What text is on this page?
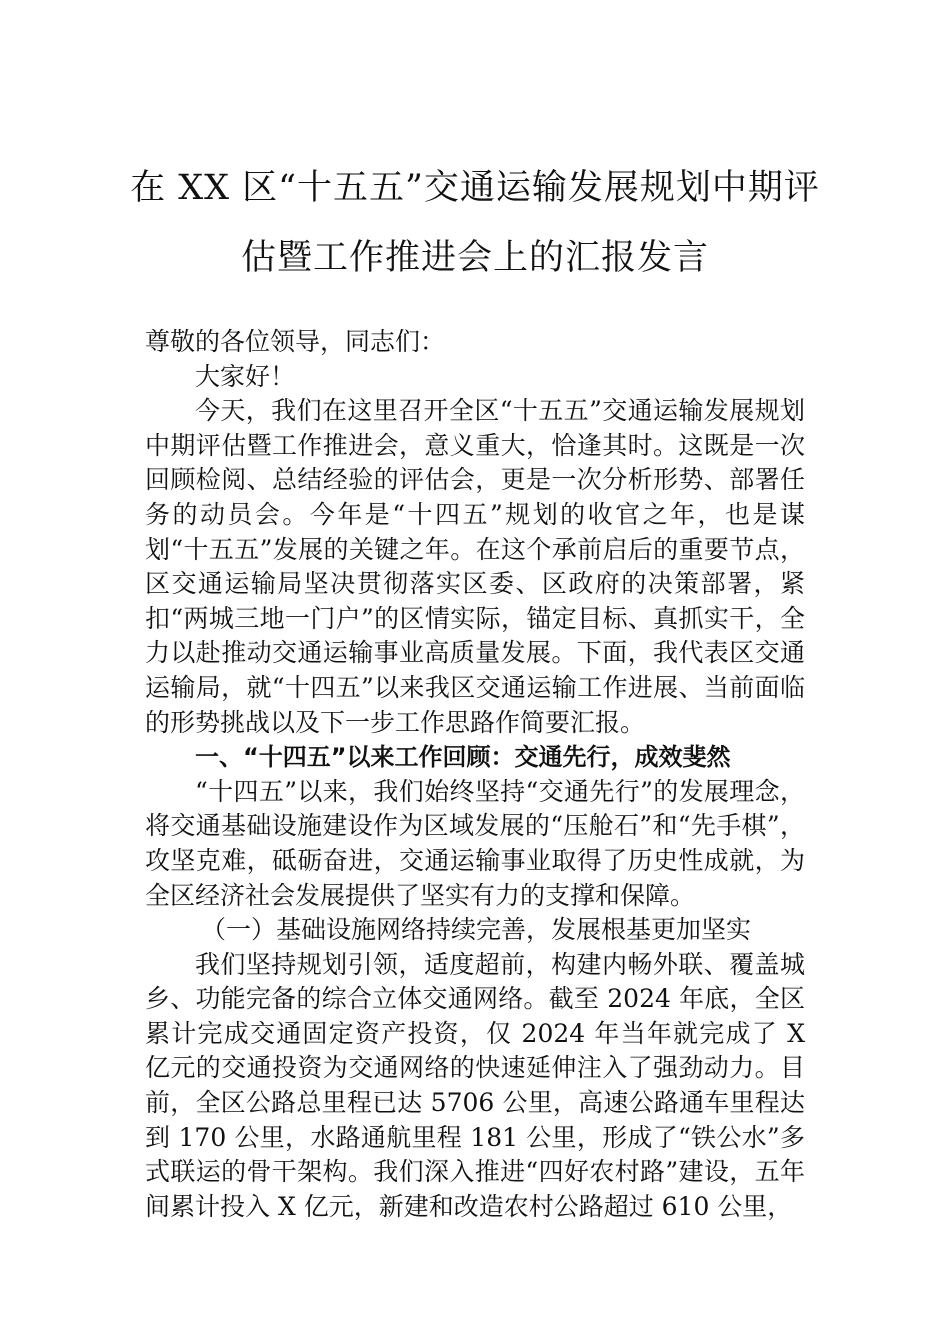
在 XX 区“十五五”交通运输发展规划中期评
估暨工作推进会上的汇报发言

尊敬的各位领导，同志们：

大家好！

今天，我们在这里召开全区“十五五”交通运输发展规划中期评估暨工作推进会，意义重大，恰逢其时。这既是一次回顾检阅、总结经验的评估会，更是一次分析形势、部署任务的动员会。今年是“十四五”规划的收官之年，也是谋划“十五五”发展的关键之年。在这个承前启后的重要节点，区交通运输局坚决贯彻落实区委、区政府的决策部署，紧扣“两城三地一门户”的区情实际，锚定目标、真抓实干，全力以赴推动交通运输事业高质量发展。下面，我代表区交通运输局，就“十四五”以来我区交通运输工作进展、当前面临的形势挑战以及下一步工作思路作简要汇报。

一、“十四五”以来工作回顾：交通先行，成效斐然

“十四五”以来，我们始终坚持“交通先行”的发展理念，将交通基础设施建设作为区域发展的“压舱石”和“先手棋”，攻坚克难，砥砺奋进，交通运输事业取得了历史性成就，为全区经济社会发展提供了坚实有力的支撑和保障。

（一）基础设施网络持续完善，发展根基更加坚实

我们坚持规划引领，适度超前，构建内畅外联、覆盖城乡、功能完备的综合立体交通网络。截至 2024 年底，全区累计完成交通固定资产投资，仅 2024 年当年就完成了 X 亿元的交通投资为交通网络的快速延伸注入了强劲动力。目前，全区公路总里程已达 5706 公里，高速公路通车里程达到 170 公里，水路通航里程 181 公里，形成了“铁公水”多式联运的骨干架构。我们深入推进“四好农村路”建设，五年间累计投入 X 亿元，新建和改造农村公路超过 610 公里，
